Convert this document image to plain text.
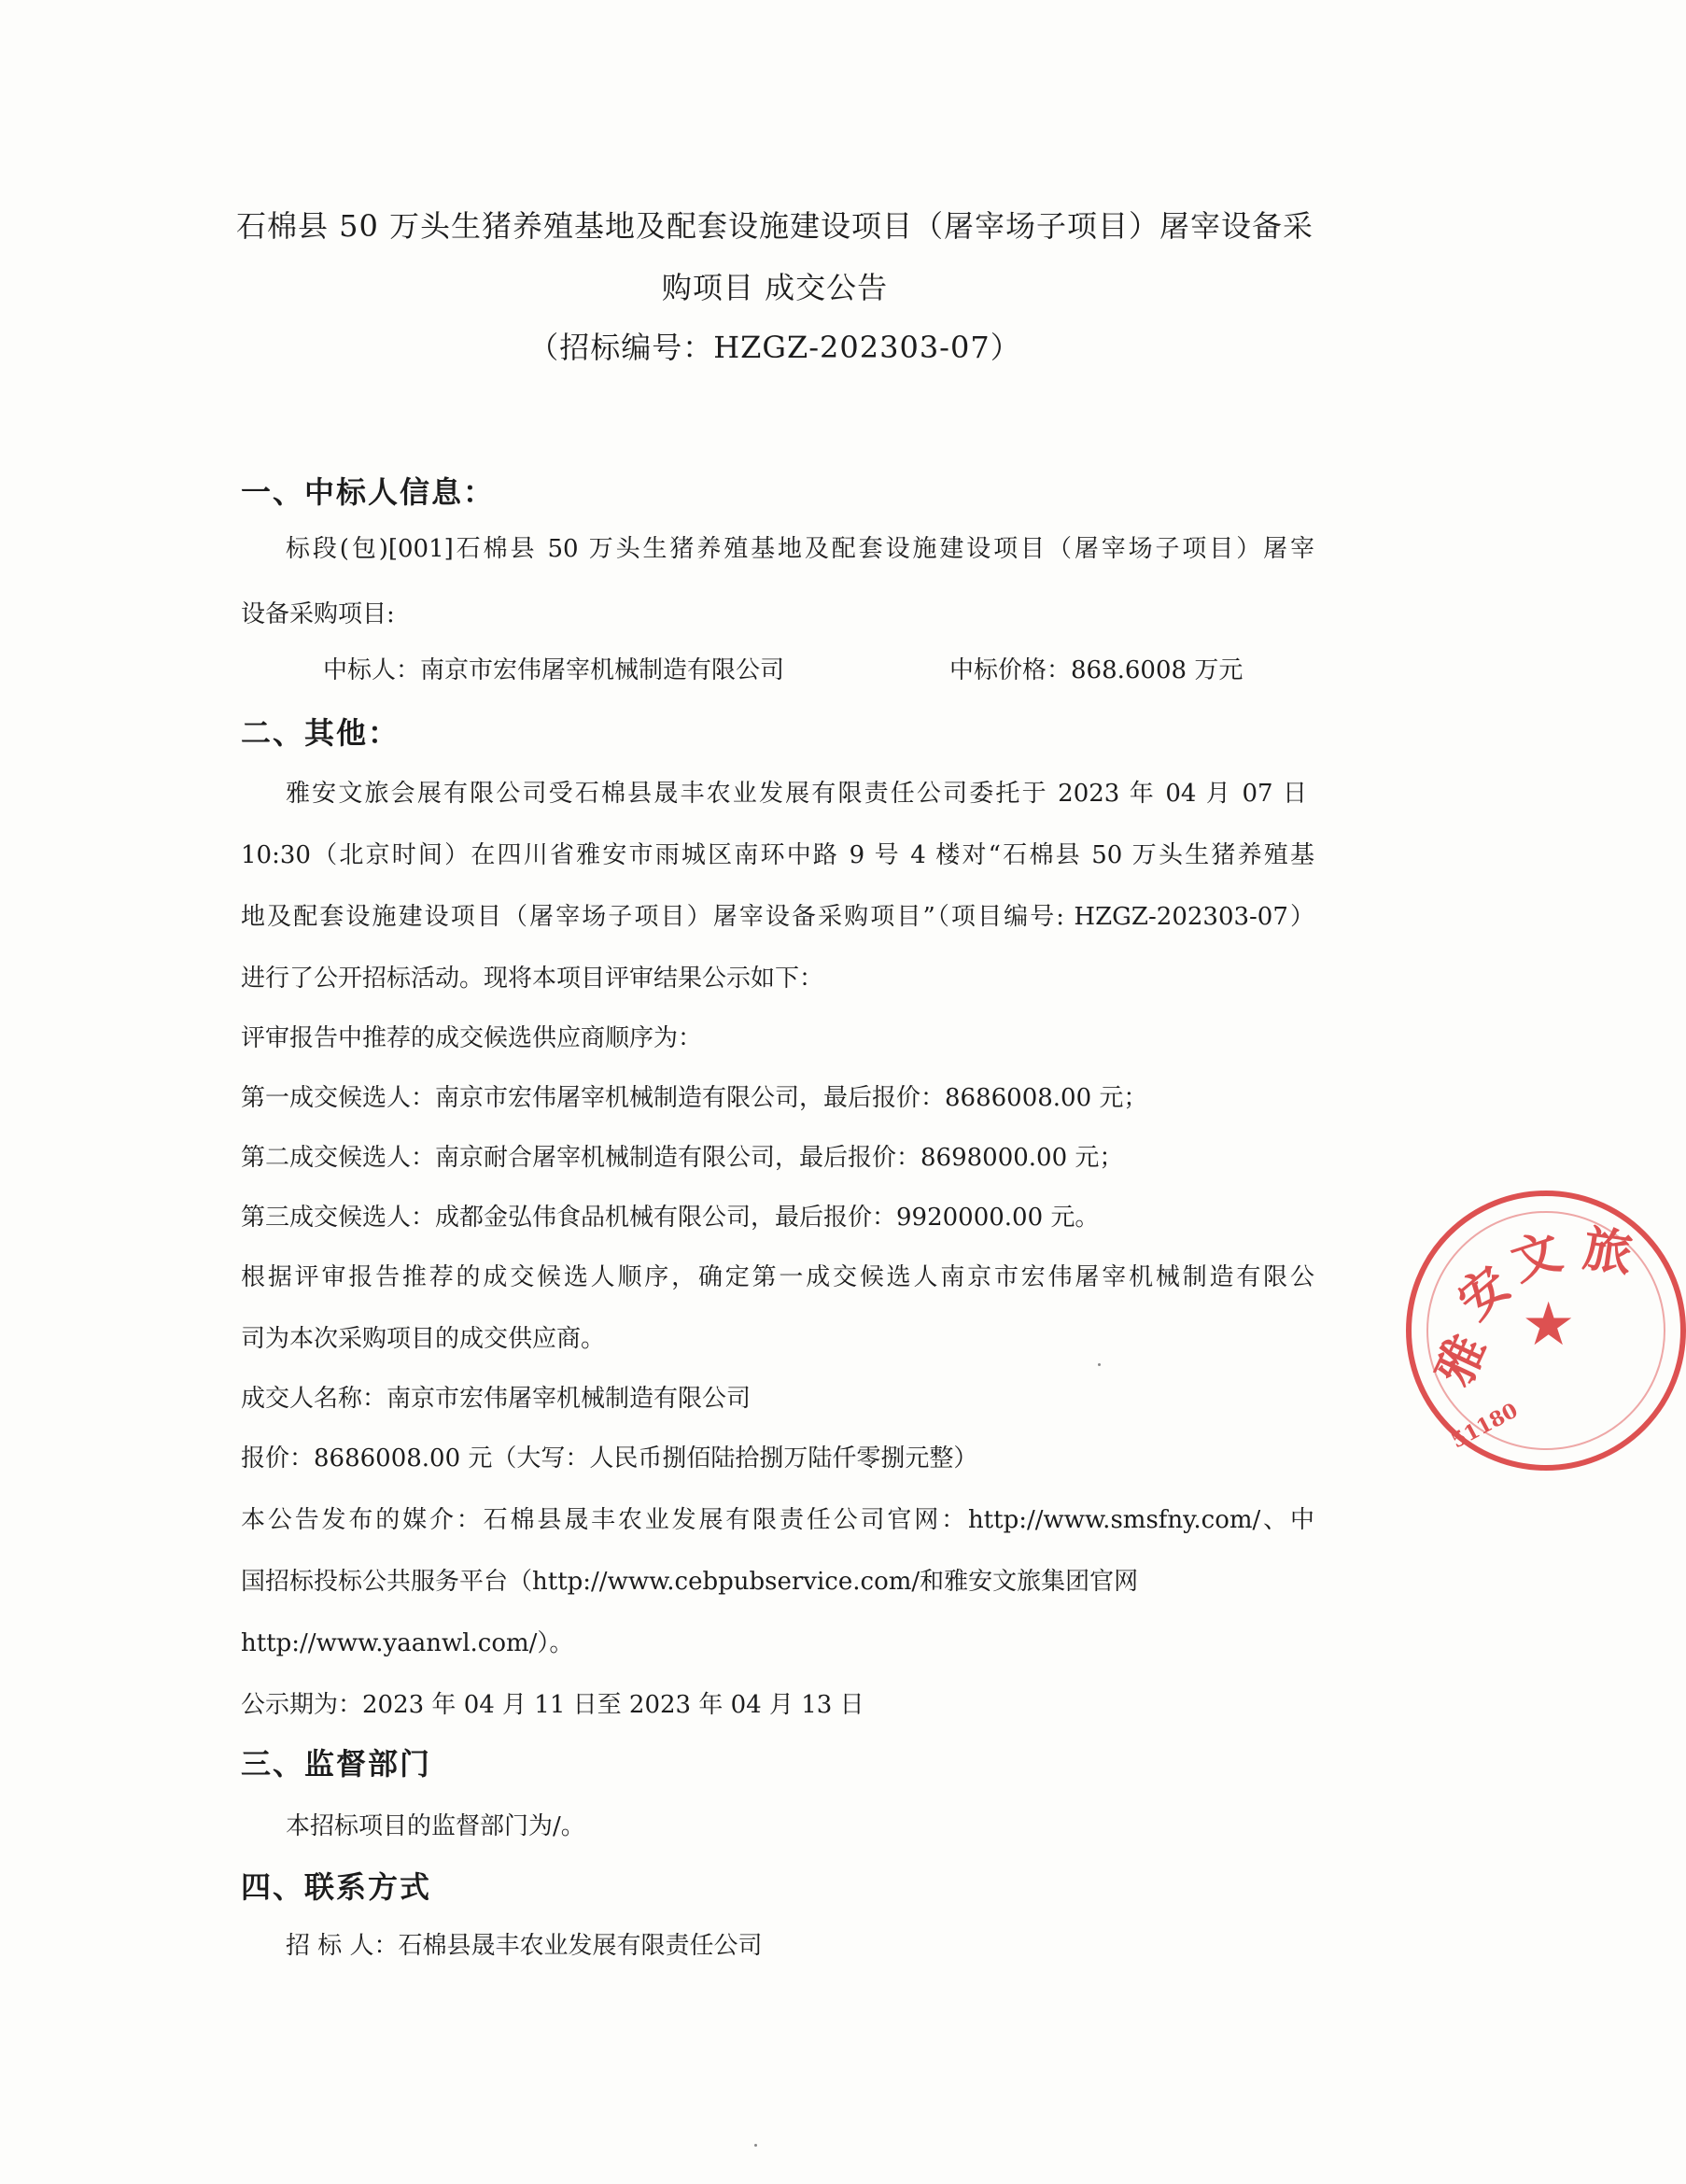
石棉县 50 万头生猪养殖基地及配套设施建设项目（屠宰场子项目）屠宰设备采
购项目 成交公告
（招标编号：HZGZ-202303-07）
一、中标人信息：
标段(包)[001]石棉县 50 万头生猪养殖基地及配套设施建设项目（屠宰场子项目）屠宰
设备采购项目:
中标人：南京市宏伟屠宰机械制造有限公司	中标价格：868.6008 万元
二、其他：
雅安文旅会展有限公司受石棉县晟丰农业发展有限责任公司委托于 2023 年 04 月 07 日
10:30（北京时间）在四川省雅安市雨城区南环中路 9 号 4 楼对“石棉县 50 万头生猪养殖基
地及配套设施建设项目（屠宰场子项目）屠宰设备采购项目”（项目编号: HZGZ-202303-07）
进行了公开招标活动。现将本项目评审结果公示如下：
评审报告中推荐的成交候选供应商顺序为：
第一成交候选人：南京市宏伟屠宰机械制造有限公司，最后报价：8686008.00 元；
第二成交候选人：南京耐合屠宰机械制造有限公司，最后报价：8698000.00 元；
第三成交候选人：成都金弘伟食品机械有限公司，最后报价：9920000.00 元。
根据评审报告推荐的成交候选人顺序，确定第一成交候选人南京市宏伟屠宰机械制造有限公
司为本次采购项目的成交供应商。
成交人名称：南京市宏伟屠宰机械制造有限公司
报价：8686008.00 元（大写：人民币捌佰陆拾捌万陆仟零捌元整）
本公告发布的媒介：石棉县晟丰农业发展有限责任公司官网：http://www.smsfny.com/、中
国招标投标公共服务平台（http://www.cebpubservice.com/和雅安文旅集团官网
http://www.yaanwl.com/）。
公示期为：2023 年 04 月 11 日至 2023 年 04 月 13 日
三、监督部门
本招标项目的监督部门为/。
四、联系方式
招 标 人：石棉县晟丰农业发展有限责任公司
雅
安
文 旅
★
51180
